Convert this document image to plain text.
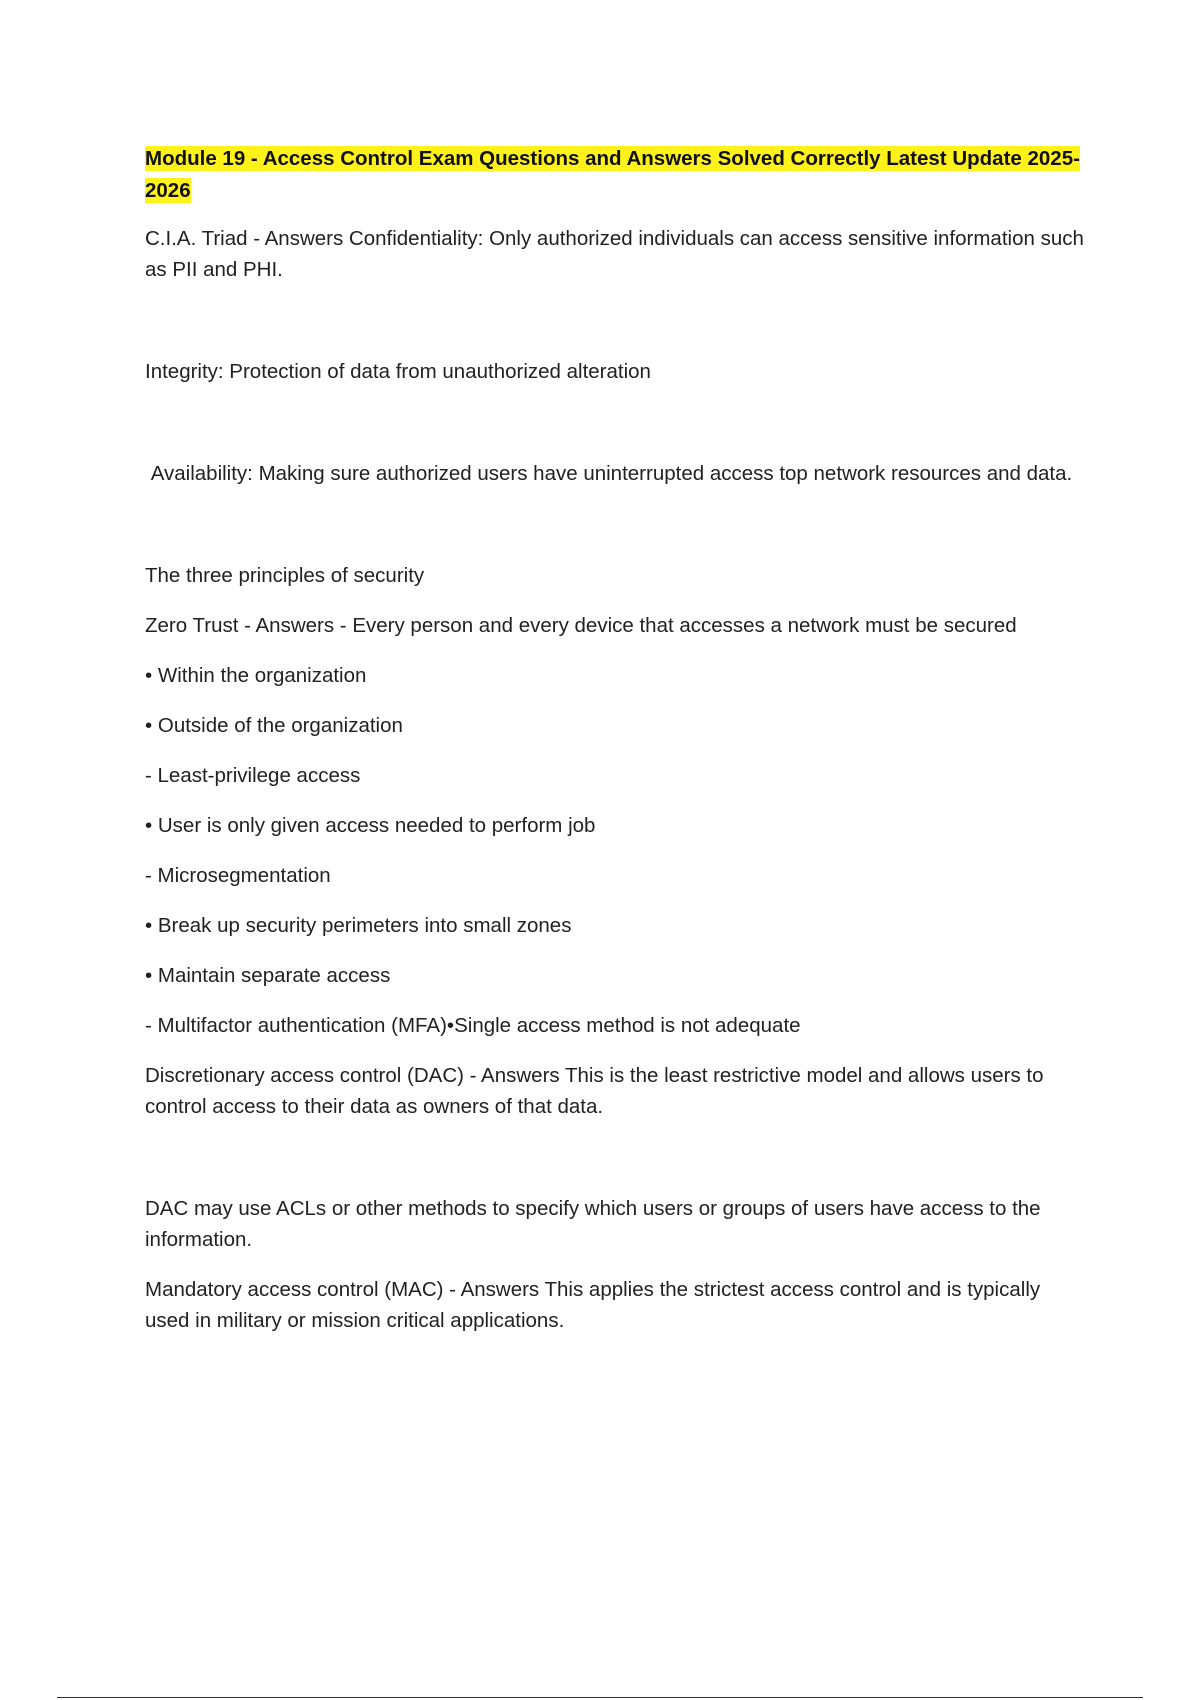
Module 19 - Access Control Exam Questions and Answers Solved Correctly Latest Update 2025-2026

C.I.A. Triad - Answers Confidentiality: Only authorized individuals can access sensitive information such as PII and PHI.

Integrity: Protection of data from unauthorized alteration

Availability: Making sure authorized users have uninterrupted access top network resources and data.

The three principles of security

Zero Trust - Answers - Every person and every device that accesses a network must be secured

• Within the organization

• Outside of the organization

- Least-privilege access

• User is only given access needed to perform job

- Microsegmentation

• Break up security perimeters into small zones

• Maintain separate access

- Multifactor authentication (MFA)•Single access method is not adequate

Discretionary access control (DAC) - Answers This is the least restrictive model and allows users to control access to their data as owners of that data.

DAC may use ACLs or other methods to specify which users or groups of users have access to the information.

Mandatory access control (MAC) - Answers This applies the strictest access control and is typically used in military or mission critical applications.
